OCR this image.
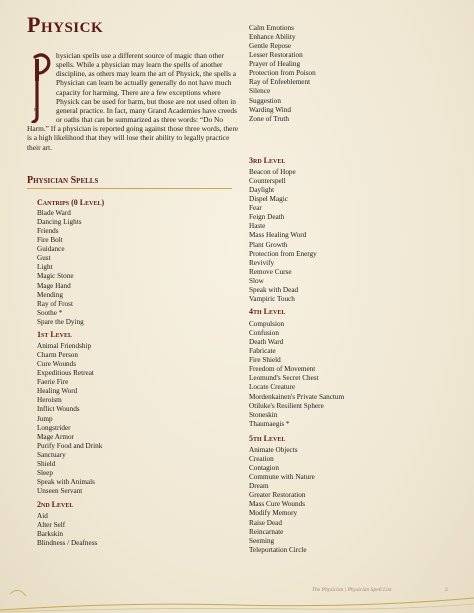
Physick
P
hysician spells use a different source of magic than other spells. While a physician may learn the spells of another discipline, as others may learn the art of Physick, the spells a Physician can learn be actually generally do not have much capacity for harming. There are a few exceptions where Physick can be used for harm, but those are not used often in general practice. In fact, many Grand Academies have creeds or oaths that can be summarized as three words: “Do No Harm.” If a physician is reported going against those three words, there is a high likelihood that they will lose their ability to legally practice their art.
Physician Spells
Cantrips (0 Level)
Blade Ward
Dancing Lights
Friends
Fire Bolt
Guidance
Gust
Light
Magic Stone
Mage Hand
Mending
Ray of Frost
Soothe *
Spare the Dying
1st Level
Animal Friendship
Charm Person
Cure Wounds
Expeditious Retreat
Faerie Fire
Healing Word
Heroism
Inflict Wounds
Jump
Longstrider
Mage Armor
Purify Food and Drink
Sanctuary
Shield
Sleep
Speak with Animals
Unseen Servant
2nd Level
Aid
Alter Self
Barkskin
Blindness / Deafness
Calm Emotions
Enhance Ability
Gentle Repose
Lesser Restoration
Prayer of Healing
Protection from Poison
Ray of Enfeeblement
Silence
Suggestion
Warding Wind
Zone of Truth
3rd Level
Beacon of Hope
Counterspell
Daylight
Dispel Magic
Fear
Feign Death
Haste
Mass Healing Word
Plant Growth
Protection from Energy
Revivify
Remove Curse
Slow
Speak with Dead
Vampiric Touch
4th Level
Compulsion
Confusion
Death Ward
Fabricate
Fire Shield
Freedom of Movement
Leomund's Secret Chest
Locate Creature
Mordenkainen's Private Sanctum
Otiluke's Resilient Sphere
Stoneskin
Thaumaegis *
5th Level
Animate Objects
Creation
Contagion
Commune with Nature
Dream
Greater Restoration
Mass Cure Wounds
Modify Memory
Raise Dead
Reincarnate
Seeming
Teleportation Circle
The Physician | Physician Spell List	2
